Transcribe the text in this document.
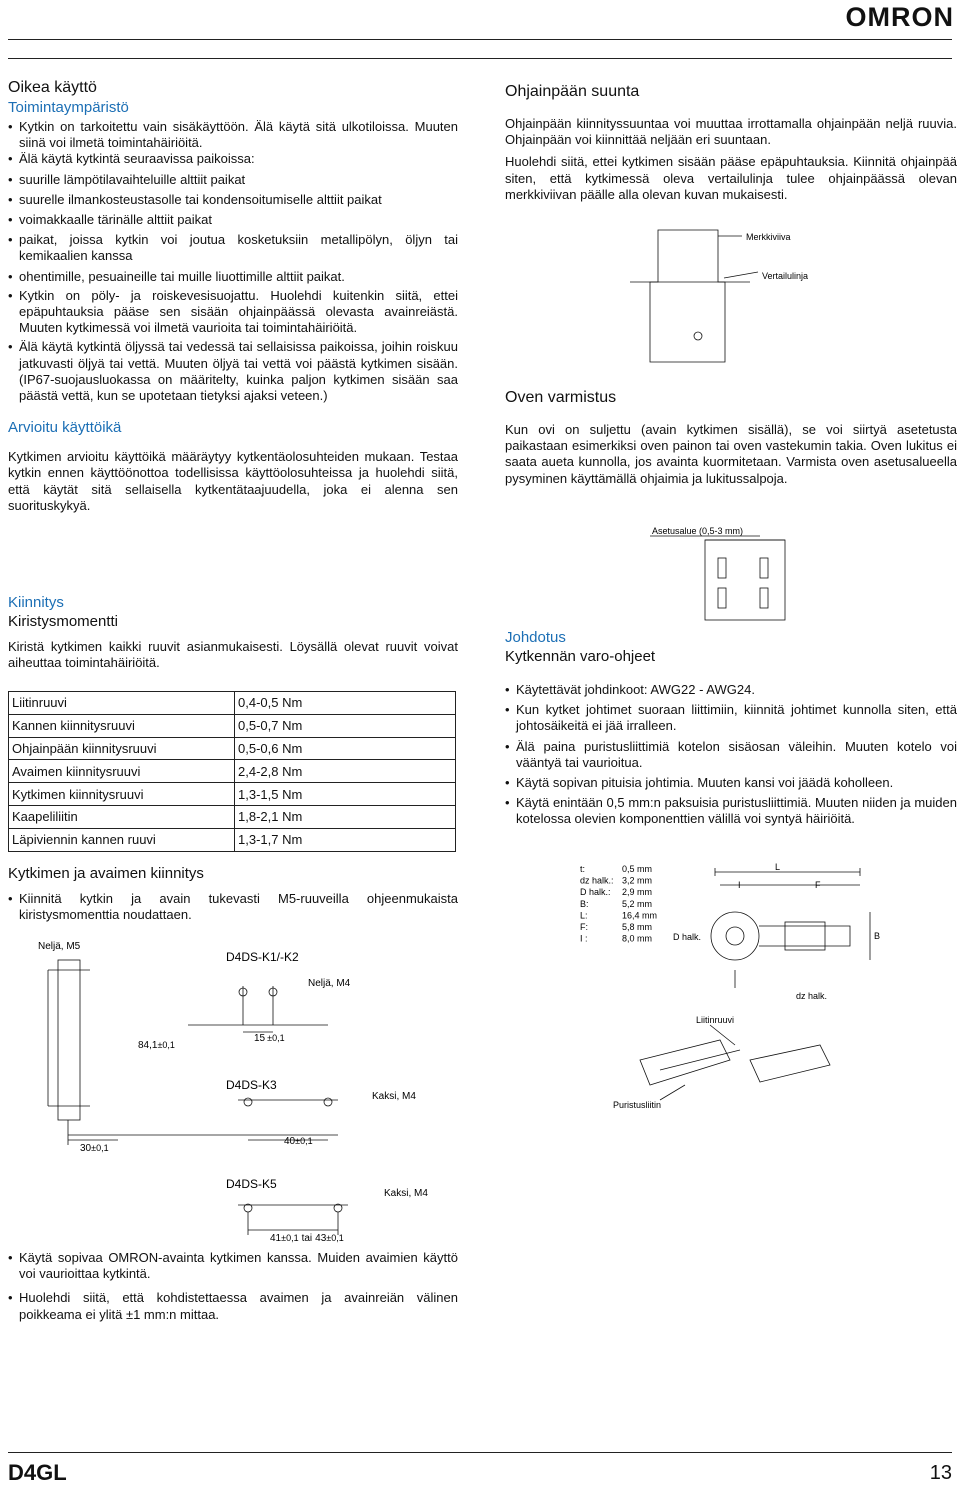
OMRON
Oikea käyttö
Toimintaympäristö
• Kytkin on tarkoitettu vain sisäkäyttöön. Älä käytä sitä ulkotiloissa. Muuten siinä voi ilmetä toimintahäiriöitä.
• Älä käytä kytkintä seuraavissa paikoissa:
• suurille lämpötilavaihteluille alttiit paikat
• suurelle ilmankosteustasolle tai kondensoitumiselle alttiit paikat
• voimakkaalle tärinälle alttiit paikat
• paikat, joissa kytkin voi joutua kosketuksiin metallipölyn, öljyn tai kemikaalien kanssa
• ohentimille, pesuaineille tai muille liuottimille alttiit paikat.
• Kytkin on pöly- ja roiskevesisuojattu. Huolehdi kuitenkin siitä, ettei epäpuhtauksia pääse sen sisään ohjainpäässä olevasta avainreiästä. Muuten kytkimessä voi ilmetä vaurioita tai toimintahäiriöitä.
• Älä käytä kytkintä öljyssä tai vedessä tai sellaisissa paikoissa, joihin roiskuu jatkuvasti öljyä tai vettä. Muuten öljyä tai vettä voi päästä kytkimen sisään. (IP67-suojausluokassa on määritelty, kuinka paljon kytkimen sisään saa päästä vettä, kun se upotetaan tietyksi ajaksi veteen.)
Arvioitu käyttöikä

Kytkimen arvioitu käyttöikä määräytyy kytkentäolosuhteiden mukaan. Testaa kytkin ennen käyttöönottoa todellisissa käyttöolosuhteissa ja huolehdi siitä, että käytät sitä sellaisella kytkentätaajuudella, joka ei alenna sen suorituskykyä.

Kiinnitys
Kiristysmomentti

Kiristä kytkimen kaikki ruuvit asianmukaisesti. Löysällä olevat ruuvit voivat aiheuttaa toimintahäiriöitä.

Liitinruuvi	0,4-0,5 Nm
Kannen kiinnitysruuvi	0,5-0,7 Nm
Ohjainpään kiinnitysruuvi	0,5-0,6 Nm
Avaimen kiinnitysruuvi	2,4-2,8 Nm
Kytkimen kiinnitysruuvi	1,3-1,5 Nm
Kaapeliliitin	1,8-2,1 Nm
Läpiviennin kannen ruuvi	1,3-1,7 Nm
Kytkimen ja avaimen kiinnitys
• Kiinnitä kytkin ja avain tukevasti M5-ruuveilla ohjeenmukaista kiristysmomenttia noudattaen.
Neljä, M5
D4DS-K1/-K2
Neljä, M4
84,1±0,1
15 ±0,1
D4DS-K3
Kaksi, M4
30±0,1
40±0,1
D4DS-K5
Kaksi, M4
41±0,1 tai 43±0,1
• Käytä sopivaa OMRON-avainta kytkimen kanssa. Muiden avaimien käyttö voi vaurioittaa kytkintä.
• Huolehdi siitä, että kohdistettaessa avaimen ja avainreiän välinen poikkeama ei ylitä ±1 mm:n mittaa.
Ohjainpään suunta

Ohjainpään kiinnityssuuntaa voi muuttaa irrottamalla ohjainpään neljä ruuvia. Ohjainpään voi kiinnittää neljään eri suuntaan.

Huolehdi siitä, ettei kytkimen sisään pääse epäpuhtauksia. Kiinnitä ohjainpää siten, että kytkimessä oleva vertailulinja tulee ohjainpäässä olevan merkkiviivan päälle alla olevan kuvan mukaisesti.

Merkkiviiva
Vertailulinja
Oven varmistus

Kun ovi on suljettu (avain kytkimen sisällä), se voi siirtyä asetetusta paikastaan esimerkiksi oven painon tai oven vastekumin takia. Oven lukitus ei saata aueta kunnolla, jos avainta kuormitetaan. Varmista oven asetusalueella pysyminen käyttämällä ohjaimia ja lukitussalpoja.

Asetusalue (0,5-3 mm)
Johdotus
Kytkennän varo-ohjeet
• Käytettävät johdinkoot: AWG22 - AWG24.
• Kun kytket johtimet suoraan liittimiin, kiinnitä johtimet kunnolla siten, että johtosäikeitä ei jää irralleen.
• Älä paina puristusliittimiä kotelon sisäosan väleihin. Muuten kotelo voi vääntyä tai vaurioitua.
• Käytä sopivan pituisia johtimia. Muuten kansi voi jäädä koholleen.
• Käytä enintään 0,5 mm:n paksuisia puristusliittimiä. Muuten niiden ja muiden kotelossa olevien komponenttien välillä voi syntyä häiriöitä.
t:	0,5 mm
dz halk.: 3,2 mm
D halk.: 2,9 mm
B:	5,2 mm
L:	16,4 mm
F:	5,8 mm
I :	8,0 mm
L
I	F
D halk.	B
dz halk.
Liitinruuvi
Puristusliitin
D4GL	13
